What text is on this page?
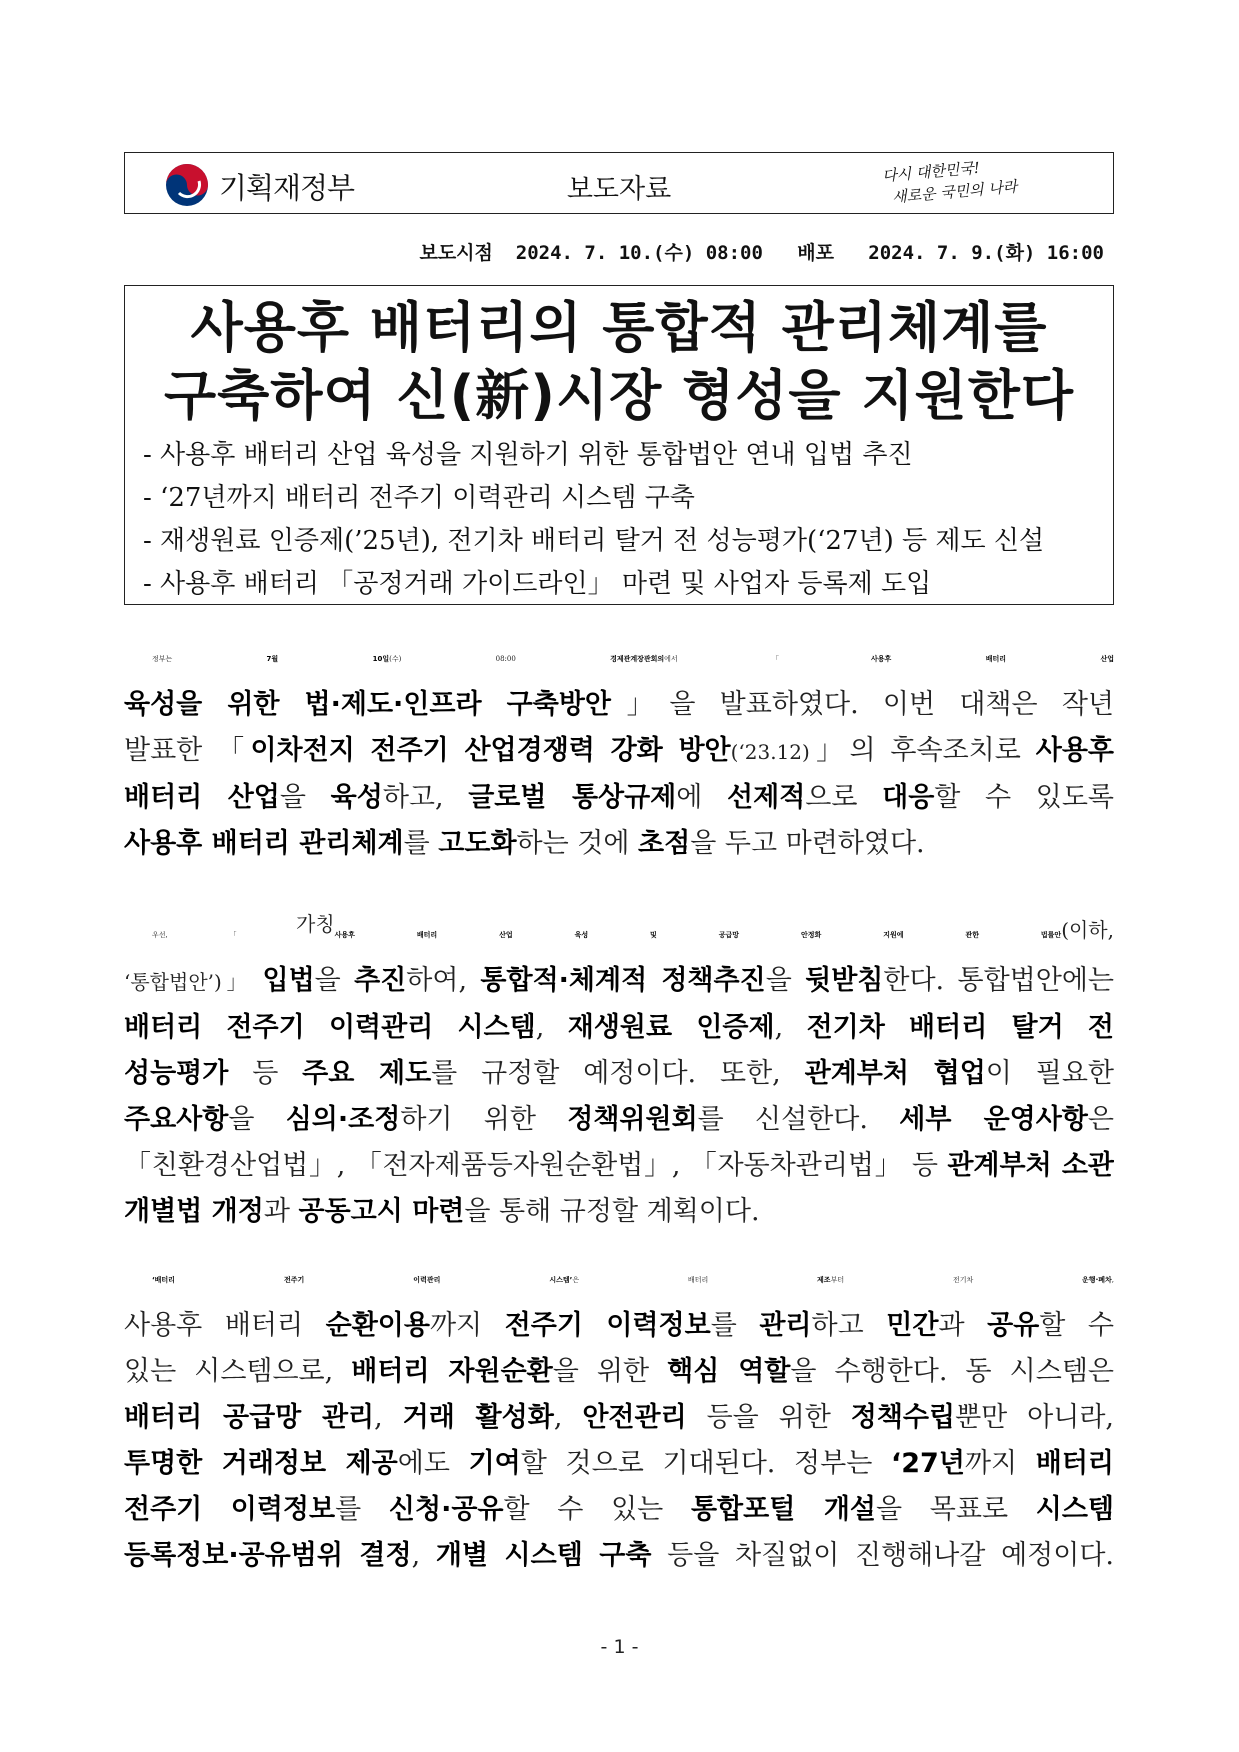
기획재정부	보도자료
다시 대한민국!
새로운 국민의 나라
보도시점 2024. 7. 10.(수) 08:00 배포 2024. 7. 9.(화) 16:00
사용후 배터리의 통합적 관리체계를
구축하여 신(新)시장 형성을 지원한다
- 사용후 배터리 산업 육성을 지원하기 위한 통합법안 연내 입법 추진
- ‘27년까지 배터리 전주기 이력관리 시스템 구축
- 재생원료 인증제(’25년), 전기차 배터리 탈거 전 성능평가(‘27년) 등 제도 신설
- 사용후 배터리 「공정거래 가이드라인」 마련 및 사업자 등록제 도입
정부는 7월 10일(수) 08:00 경제관계장관회의에서 「사용후 배터리 산업
육성을 위한 법·제도·인프라 구축방안」을 발표하였다. 이번 대책은 작년
발표한 「이차전지 전주기 산업경쟁력 강화 방안(‘23.12)」의 후속조치로 사용후
배터리 산업을 육성하고, 글로벌 통상규제에 선제적으로 대응할 수 있도록
사용후 배터리 관리체계를 고도화하는 것에 초점을 두고 마련하였다.
우선, 「가칭사용후 배터리 산업 육성 및 공급망 안정화 지원에 관한 법률안(이하,
‘통합법안’)」 입법을 추진하여, 통합적·체계적 정책추진을 뒷받침한다. 통합법안에는
배터리 전주기 이력관리 시스템, 재생원료 인증제, 전기차 배터리 탈거 전
성능평가 등 주요 제도를 규정할 예정이다. 또한, 관계부처 협업이 필요한
주요사항을 심의·조정하기 위한 정책위원회를 신설한다. 세부 운영사항은
「친환경산업법」, 「전자제품등자원순환법」, 「자동차관리법」 등 관계부처 소관
개별법 개정과 공동고시 마련을 통해 규정할 계획이다.
‘배터리 전주기 이력관리 시스템’은 배터리 제조부터 전기차 운행·폐차,
사용후 배터리 순환이용까지 전주기 이력정보를 관리하고 민간과 공유할 수
있는 시스템으로, 배터리 자원순환을 위한 핵심 역할을 수행한다. 동 시스템은
배터리 공급망 관리, 거래 활성화, 안전관리 등을 위한 정책수립뿐만 아니라,
투명한 거래정보 제공에도 기여할 것으로 기대된다. 정부는 ‘27년까지 배터리
전주기 이력정보를 신청·공유할 수 있는 통합포털 개설을 목표로 시스템
등록정보·공유범위 결정, 개별 시스템 구축 등을 차질없이 진행해나갈 예정이다.
- 1 -
